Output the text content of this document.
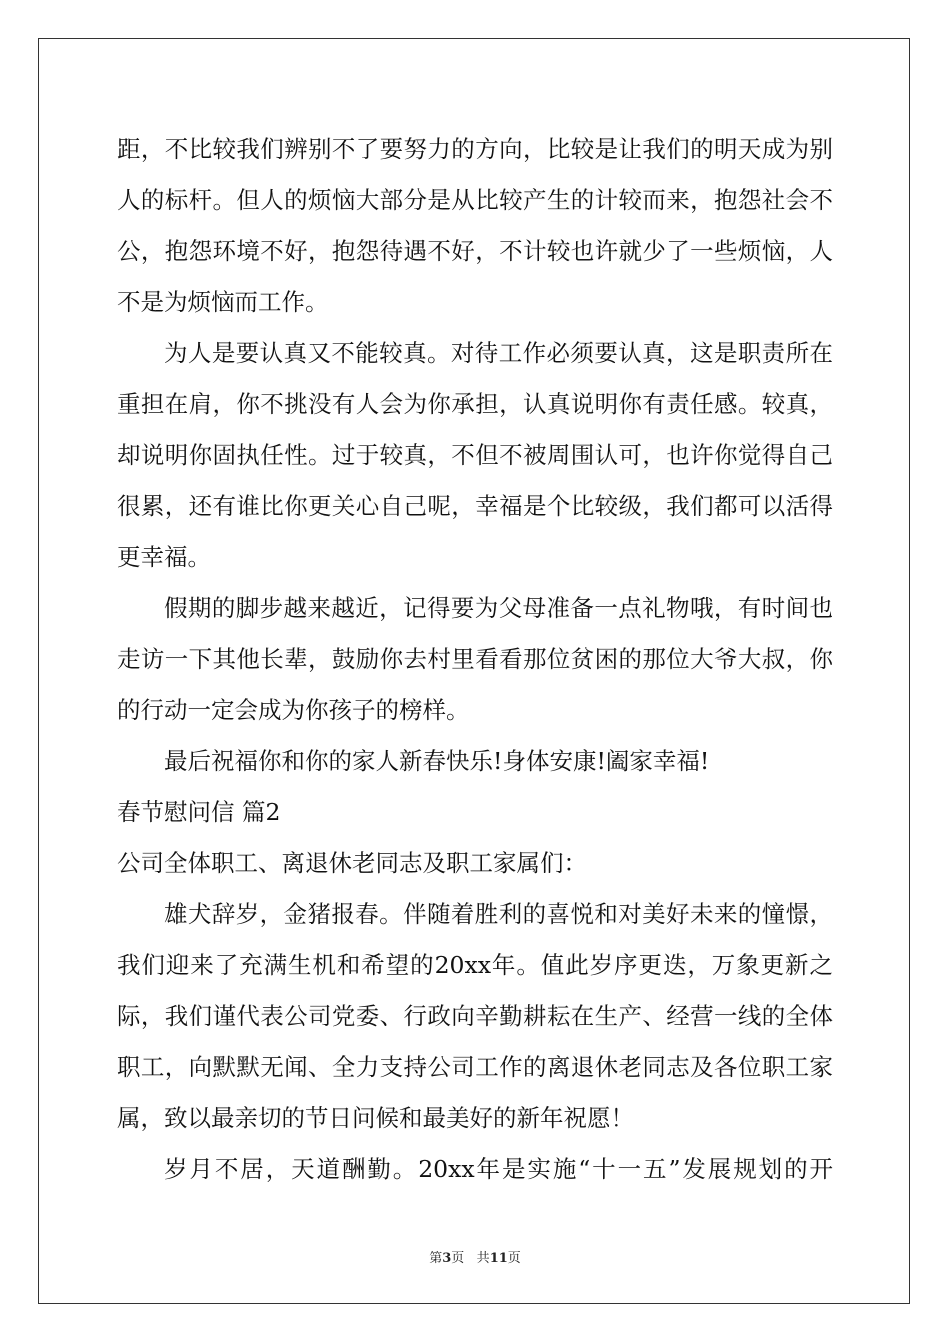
距，不比较我们辨别不了要努力的方向，比较是让我们的明天成为别
人的标杆。但人的烦恼大部分是从比较产生的计较而来，抱怨社会不
公，抱怨环境不好，抱怨待遇不好，不计较也许就少了一些烦恼，人
不是为烦恼而工作。
为人是要认真又不能较真。对待工作必须要认真，这是职责所在
重担在肩，你不挑没有人会为你承担，认真说明你有责任感。较真，
却说明你固执任性。过于较真，不但不被周围认可，也许你觉得自己
很累，还有谁比你更关心自己呢，幸福是个比较级，我们都可以活得
更幸福。
假期的脚步越来越近，记得要为父母准备一点礼物哦，有时间也
走访一下其他长辈，鼓励你去村里看看那位贫困的那位大爷大叔，你
的行动一定会成为你孩子的榜样。
最后祝福你和你的家人新春快乐!身体安康!阖家幸福!
春节慰问信 篇2
公司全体职工、离退休老同志及职工家属们：
雄犬辞岁，金猪报春。伴随着胜利的喜悦和对美好未来的憧憬，
我们迎来了充满生机和希望的20xx年。值此岁序更迭，万象更新之
际，我们谨代表公司党委、行政向辛勤耕耘在生产、经营一线的全体
职工，向默默无闻、全力支持公司工作的离退休老同志及各位职工家
属，致以最亲切的节日问候和最美好的新年祝愿！
岁月不居，天道酬勤。20xx年是实施“十一五”发展规划的开
第3页 共11页
